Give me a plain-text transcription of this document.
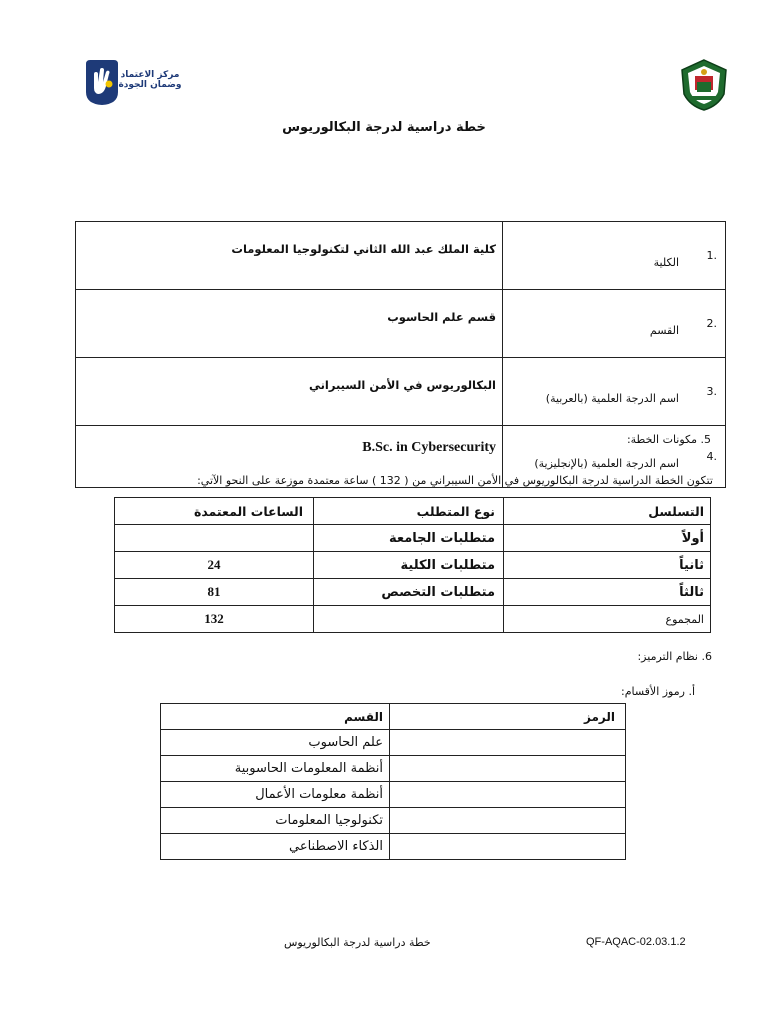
مركز الاعتماد وضمان الجودة
خطة دراسية لدرجة البكالوريوس
.1	الكلية	كلية الملك عبد الله الثاني لتكنولوجيا المعلومات
.2	القسم	قسم علم الحاسوب
.3	اسم الدرجة العلمية (بالعربية)	البكالوريوس في الأمن السيبراني
.4	اسم الدرجة العلمية (بالإنجليزية)	B.Sc. in Cybersecurity
5. مكونات الخطة:
تتكون الخطة الدراسية لدرجة البكالوريوس في الأمن السيبراني من ( 132 ) ساعة معتمدة موزعة على النحو الآتي:
التسلسل	نوع المتطلب	الساعات المعتمدة
أولاً	متطلبات الجامعة	
ثانياً	متطلبات الكلية	24
ثالثاً	متطلبات التخصص	81
المجموع		132
6. نظام الترميز:
أ. رموز الأقسام:
الرمز	القسم
	علم الحاسوب
	أنظمة المعلومات الحاسوبية
	أنظمة معلومات الأعمال
	تكنولوجيا المعلومات
	الذكاء الاصطناعي
خطة دراسية لدرجة البكالوريوس	QF-AQAC-02.03.1.2
